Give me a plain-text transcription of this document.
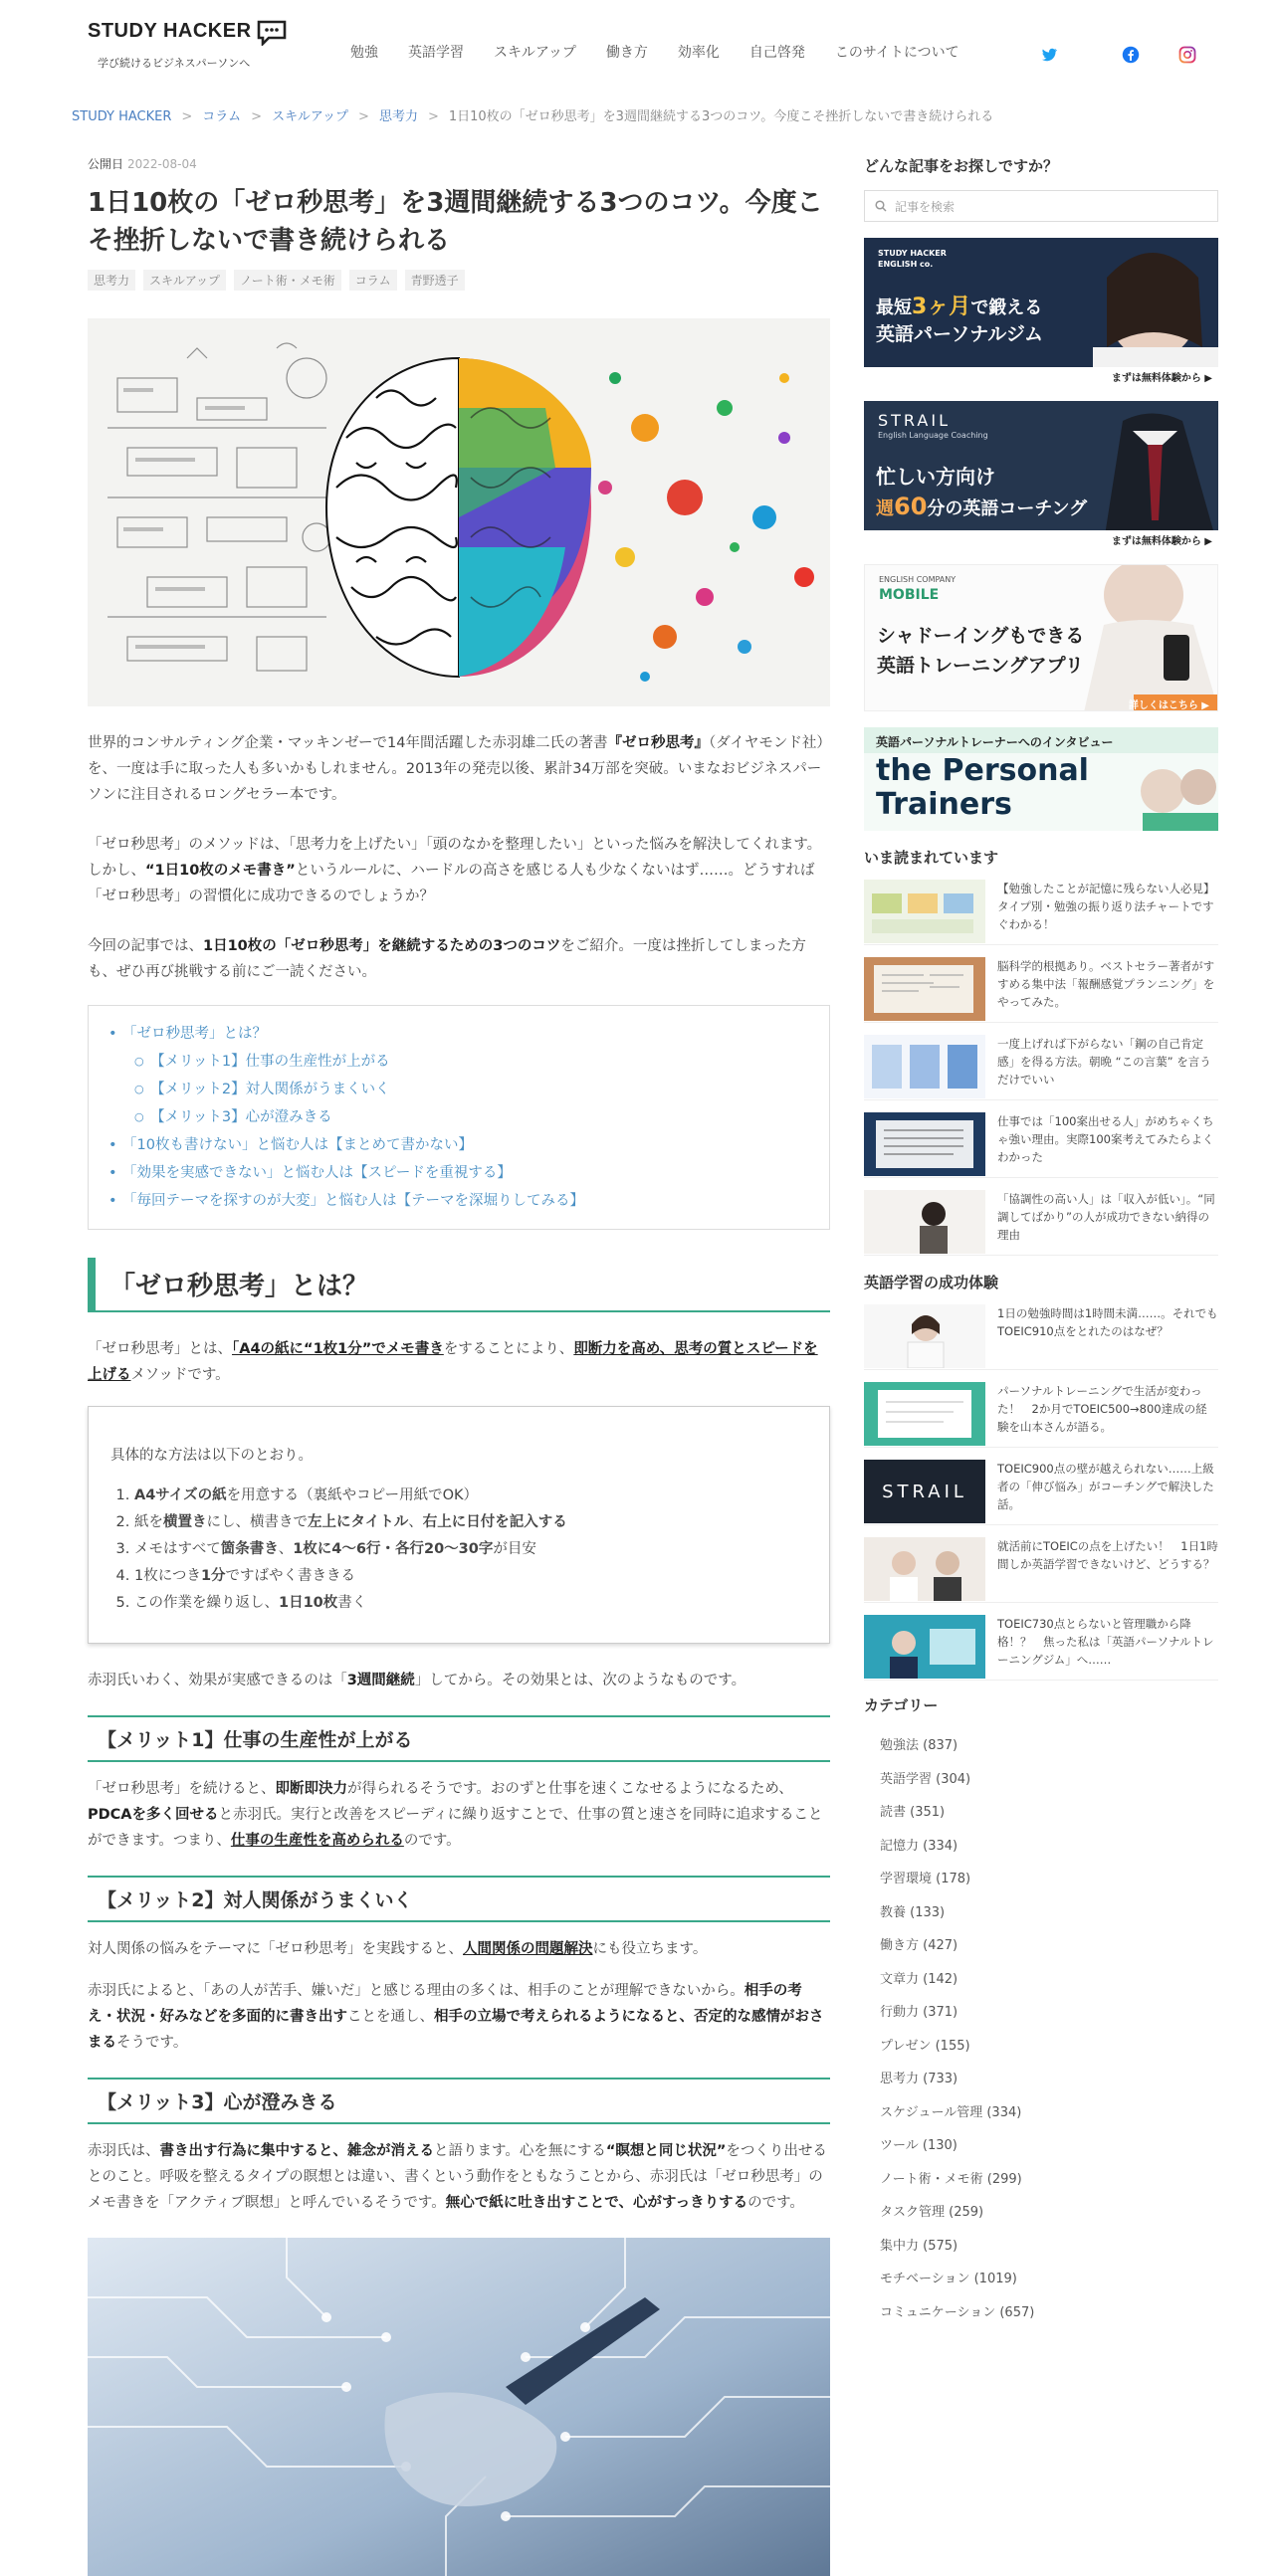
STUDY HACKER
学び続けるビジネスパーソンへ
勉強 英語学習 スキルアップ 働き方 効率化 自己啓発 このサイトについて
STUDY HACKER > コラム > スキルアップ > 思考力 > 1日10枚の「ゼロ秒思考」を3週間継続する3つのコツ。今度こそ挫折しないで書き続けられる
公開日 2022-08-04
1日10枚の「ゼロ秒思考」を3週間継続する3つのコツ。今度こそ挫折しないで書き続けられる
思考力	スキルアップ	ノート術・メモ術	コラム	青野透子

世界的コンサルティング企業・マッキンゼーで14年間活躍した赤羽雄二氏の著書『ゼロ秒思考』（ダイヤモンド社）を、一度は手に取った人も多いかもしれません。2013年の発売以後、累計34万部を突破。いまなおビジネスパーソンに注目されるロングセラー本です。

「ゼロ秒思考」のメソッドは、「思考力を上げたい」「頭のなかを整理したい」といった悩みを解決してくれます。しかし、“1日10枚のメモ書き”というルールに、ハードルの高さを感じる人も少なくないはず……。どうすれば「ゼロ秒思考」の習慣化に成功できるのでしょうか？

今回の記事では、1日10枚の「ゼロ秒思考」を継続するための3つのコツをご紹介。一度は挫折してしまった方も、ぜひ再び挑戦する前にご一読ください。

• 「ゼロ秒思考」とは？
○ 【メリット1】仕事の生産性が上がる
○ 【メリット2】対人関係がうまくいく
○ 【メリット3】心が澄みきる
• 「10枚も書けない」と悩む人は【まとめて書かない】
• 「効果を実感できない」と悩む人は【スピードを重視する】
• 「毎回テーマを探すのが大変」と悩む人は【テーマを深堀りしてみる】
「ゼロ秒思考」とは？

「ゼロ秒思考」とは、「A4の紙に“1枚1分”でメモ書きをすることにより、即断力を高め、思考の質とスピードを上げるメソッドです。

具体的な方法は以下のとおり。
1. A4サイズの紙を用意する（裏紙やコピー用紙でOK）
2. 紙を横置きにし、横書きで左上にタイトル、右上に日付を記入する
3. メモはすべて箇条書き、1枚に4～6行・各行20～30字が目安
4. 1枚につき1分ですばやく書ききる
5. この作業を繰り返し、1日10枚書く

赤羽氏いわく、効果が実感できるのは「3週間継続」してから。その効果とは、次のようなものです。

【メリット1】仕事の生産性が上がる

「ゼロ秒思考」を続けると、即断即決力が得られるそうです。おのずと仕事を速くこなせるようになるため、PDCAを多く回せると赤羽氏。実行と改善をスピーディに繰り返すことで、仕事の質と速さを同時に追求することができます。つまり、仕事の生産性を高められるのです。

【メリット2】対人関係がうまくいく

対人関係の悩みをテーマに「ゼロ秒思考」を実践すると、人間関係の問題解決にも役立ちます。

赤羽氏によると、「あの人が苦手、嫌いだ」と感じる理由の多くは、相手のことが理解できないから。相手の考え・状況・好みなどを多面的に書き出すことを通し、相手の立場で考えられるようになると、否定的な感情がおさまるそうです。

【メリット3】心が澄みきる

赤羽氏は、書き出す行為に集中すると、雑念が消えると語ります。心を無にする“瞑想と同じ状況”をつくり出せるとのこと。呼吸を整えるタイプの瞑想とは違い、書くという動作をともなうことから、赤羽氏は「ゼロ秒思考」のメモ書きを「アクティブ瞑想」と呼んでいるそうです。無心で紙に吐き出すことで、心がすっきりするのです。

どんな記事をお探しですか？
記事を検索
STUDY HACKER ENGLISH co.
最短3ヶ月で鍛える
英語パーソナルジム
まずは無料体験から ▶
STRAIL
English Language Coaching
忙しい方向け
週60分の英語コーチング
まずは無料体験から ▶
ENGLISH COMPANY
MOBILE
シャドーイングもできる
英語トレーニングアプリ
詳しくはこちら ▶
英語パーソナルトレーナーへのインタビュー
the Personal
Trainers
いま読まれています
【勉強したことが記憶に残らない人必見】タイプ別・勉強の振り返り法チャートですぐわかる！
脳科学的根拠あり。ベストセラー著者がすすめる集中法「報酬感覚プランニング」をやってみた。
一度上げれば下がらない「鋼の自己肯定感」を得る方法。朝晩 “この言葉” を言うだけでいい
仕事では「100案出せる人」がめちゃくちゃ強い理由。実際100案考えてみたらよくわかった
「協調性の高い人」は「収入が低い」。“同調してばかり”の人が成功できない納得の理由
英語学習の成功体験
1日の勉強時間は1時間未満……。それでもTOEIC910点をとれたのはなぜ？
パーソナルトレーニングで生活が変わった！　2か月でTOEIC500→800達成の経験を山本さんが語る。
STRAIL
TOEIC900点の壁が越えられない……上級者の「伸び悩み」がコーチングで解決した話。
就活前にTOEICの点を上げたい！　1日1時間しか英語学習できないけど、どうする？
TOEIC730点とらないと管理職から降格！？　焦った私は「英語パーソナルトレーニングジム」へ……
カテゴリー
勉強法 (837)
英語学習 (304)
読書 (351)
記憶力 (334)
学習環境 (178)
教養 (133)
働き方 (427)
文章力 (142)
行動力 (371)
プレゼン (155)
思考力 (733)
スケジュール管理 (334)
ツール (130)
ノート術・メモ術 (299)
タスク管理 (259)
集中力 (575)
モチベーション (1019)
コミュニケーション (657)
